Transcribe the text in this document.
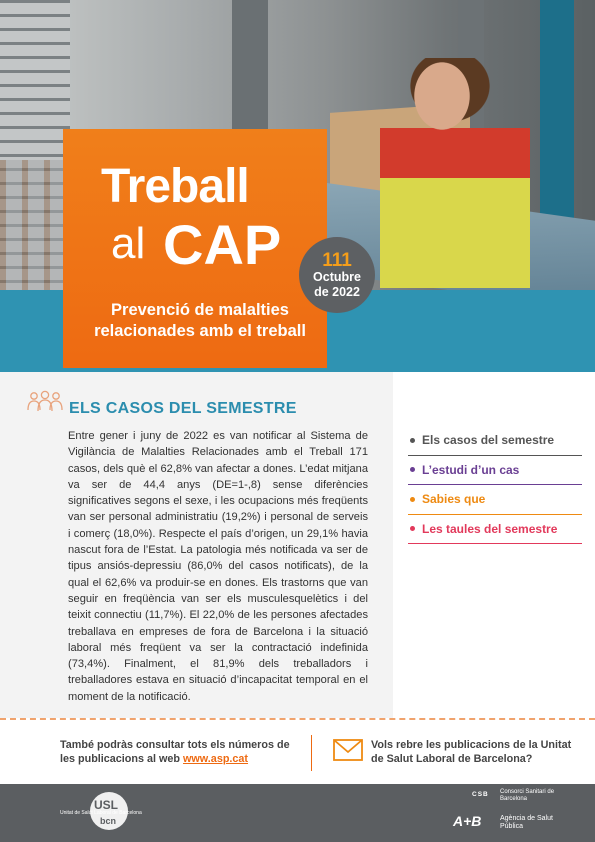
Treball
al CAP
Prevenció de malalties relacionades amb el treball
111
Octubre
de 2022
ELS CASOS DEL SEMESTRE
Entre gener i juny de 2022 es van notificar al Sistema de Vigilància de Malalties Relacionades amb el Treball 171 casos, dels què el 62,8% van afectar a dones. L’edat mitjana va ser de 44,4 anys (DE=1-,8) sense diferències significatives segons el sexe, i les ocupacions més freqüents van ser personal administratiu (19,2%) i personal de serveis i comerç (18,0%). Respecte el país d’origen, un 29,1% havia nascut fora de l’Estat. La patologia més notificada va ser de tipus ansiós-depressiu (86,0% del casos notificats), de la qual el 62,6% va produir-se en dones. Els trastorns que van seguir en freqüència van ser els musculesquelètics i del teixit connectiu (11,7%). El 22,0% de les persones afectades treballava en empreses de fora de Barcelona i la situació laboral més freqüent va ser la contractació indefinida (73,4%). Finalment, el 81,9% dels treballadors i treballadores estava en situació d’incapacitat temporal en el moment de la notificació.
Els casos del semestre
L’estudi d’un cas
Sabies que
Les taules del semestre
També podràs consultar tots els números de les publicacions al web www.asp.cat
Vols rebre les publicacions de la Unitat de Salut Laboral de Barcelona?
USL
Unitat de Salut Laboral de Barcelona
bcn
CSB Consorci Sanitari de Barcelona
A+B	Agència de Salut Pública
